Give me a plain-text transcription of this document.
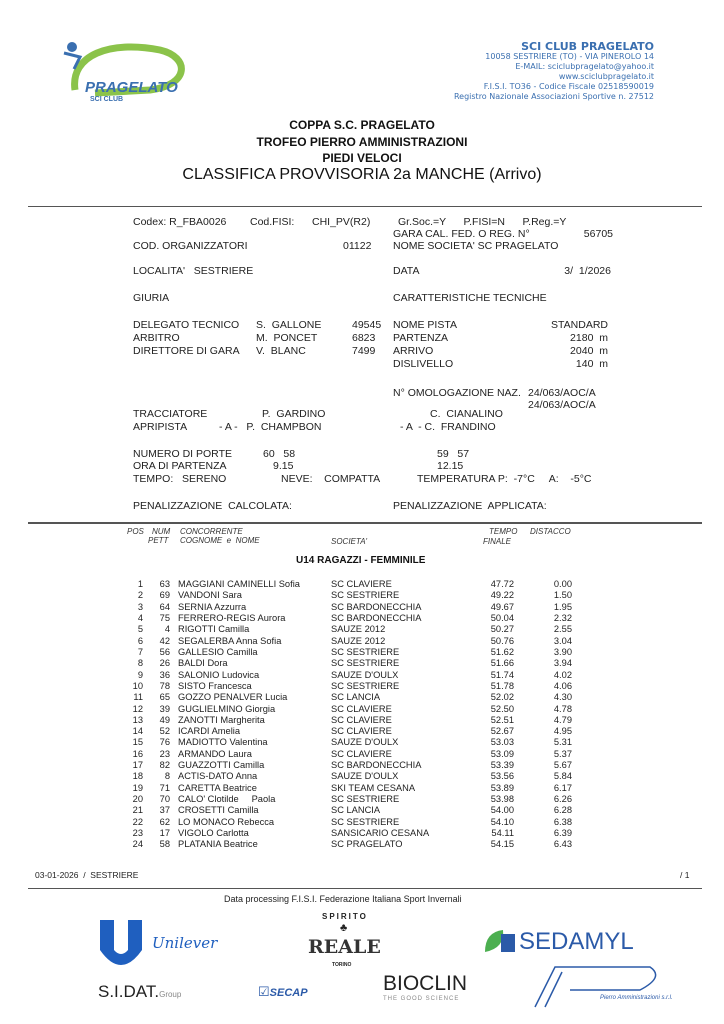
PRAGELATO
SCI CLUB
SCI CLUB PRAGELATO
10058 SESTRIERE (TO) - VIA PINEROLO 14
E-MAIL: sciclubpragelato@yahoo.it
www.sciclubpragelato.it
F.I.S.I. TO36 - Codice Fiscale 02518590019
Registro Nazionale Associazioni Sportive n. 27512
COPPA S.C. PRAGELATO
TROFEO PIERRO AMMINISTRAZIONI
PIEDI VELOCI
CLASSIFICA PROVVISORIA 2a MANCHE (Arrivo)
Codex: R_FBA0026 Cod.FISI: CHI_PV(R2)	Gr.Soc.=Y      P.FISI=N      P.Reg.=Y
GARA CAL. FED. O REG. N°	56705
COD. ORGANIZZATORI	01122 NOME SOCIETA' SC PRAGELATO
LOCALITA'   SESTRIERE	DATA	3/  1/2026
GIURIA	CARATTERISTICHE TECNICHE
DELEGATO TECNICO S.  GALLONE	49545
ARBITRO	M.  PONCET	6823
DIRETTORE DI GARA V.  BLANC	7499
NOME PISTA	STANDARD
PARTENZA	2180  m
ARRIVO	2040  m
DISLIVELLO	140  m
N° OMOLOGAZIONE NAZ. 24/063/AOC/A
24/063/AOC/A
TRACCIATORE	P.  GARDINO	C.  CIANALINO
APRIPISTA	- A -   P.  CHAMPBON	- A  - C.  FRANDINO
NUMERO DI PORTE	60   58	59   57
ORA DI PARTENZA	9.15	12.15
TEMPO:   SERENO	NEVE:    COMPATTA	TEMPERATURA P:  -7°C     A:    -5°C
PENALIZZAZIONE  CALCOLATA:	PENALIZZAZIONE  APPLICATA:
POS NUM
PETT
CONCORRENTE
COGNOME  e  NOME	SOCIETA'
TEMPO
FINALE
DISTACCO
U14 RAGAZZI - FEMMINILE
1 63 MAGGIANI CAMINELLI Sofia	SC CLAVIERE	47.72	0.00
2 69 VANDONI Sara	SC SESTRIERE	49.22	1.50
3 64 SERNIA Azzurra	SC BARDONECCHIA	49.67	1.95
4 75 FERRERO-REGIS Aurora	SC BARDONECCHIA	50.04	2.32
5 4 RIGOTTI Camilla	SAUZE 2012	50.27	2.55
6 42 SEGALERBA Anna Sofia	SAUZE 2012	50.76	3.04
7 56 GALLESIO Camilla	SC SESTRIERE	51.62	3.90
8 26 BALDI Dora	SC SESTRIERE	51.66	3.94
9 36 SALONIO Ludovica	SAUZE D'OULX	51.74	4.02
10 78 SISTO Francesca	SC SESTRIERE	51.78	4.06
11 65 GOZZO PENALVER Lucia	SC LANCIA	52.02	4.30
12 39 GUGLIELMINO Giorgia	SC CLAVIERE	52.50	4.78
13 49 ZANOTTI Margherita	SC CLAVIERE	52.51	4.79
14 52 ICARDI Amelia	SC CLAVIERE	52.67	4.95
15 76 MADIOTTO Valentina	SAUZE D'OULX	53.03	5.31
16 23 ARMANDO Laura	SC CLAVIERE	53.09	5.37
17 82 GUAZZOTTI Camilla	SC BARDONECCHIA	53.39	5.67
18 8 ACTIS-DATO Anna	SAUZE D'OULX	53.56	5.84
19 71 CARETTA Beatrice	SKI TEAM CESANA	53.89	6.17
20 70 CALO' Clotilde     Paola	SC SESTRIERE	53.98	6.26
21 37 CROSETTI Camilla	SC LANCIA	54.00	6.28
22 62 LO MONACO Rebecca	SC SESTRIERE	54.10	6.38
23 17 VIGOLO Carlotta	SANSICARIO CESANA	54.11	6.39
24 58 PLATANIA Beatrice	SC PRAGELATO	54.15	6.43
03-01-2026  /  SESTRIERE	/ 1
Data processing F.I.S.I. Federazione Italiana Sport Invernali
Unilever
SPIRITO
♣
REALE
TORINO
SEDAMYL
S.I.DAT.Group	☑SECAP	BIOCLIN
THE GOOD SCIENCE	Pierro Amministrazioni s.r.l.
